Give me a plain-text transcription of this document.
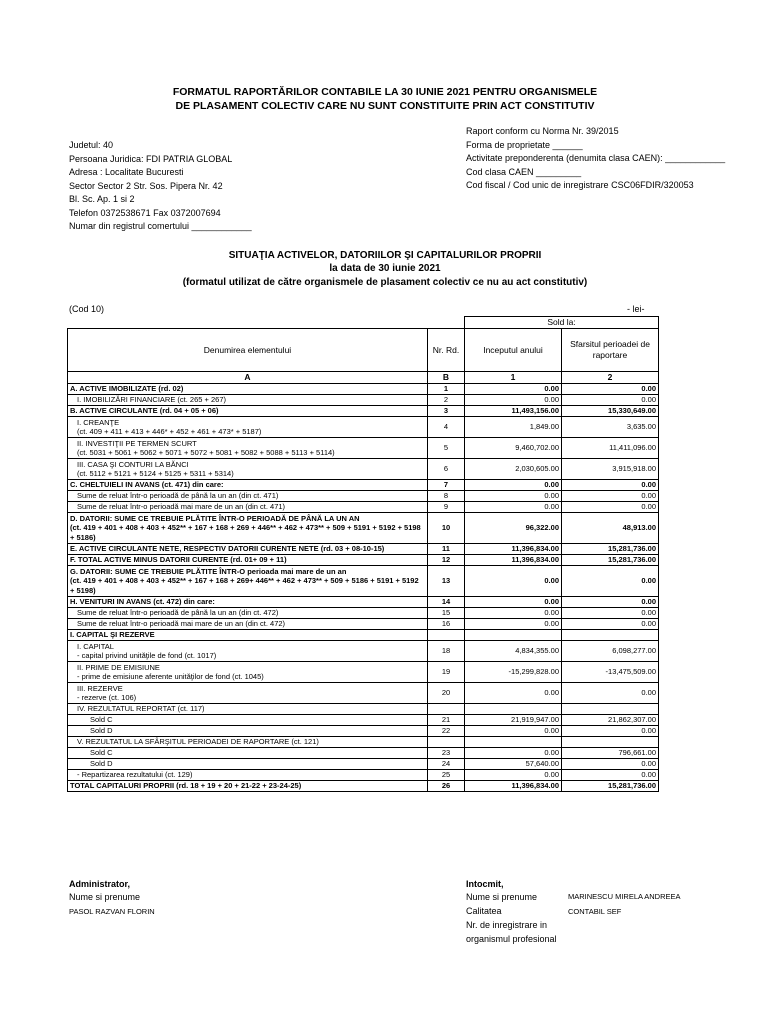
FORMATUL RAPORTĂRILOR CONTABILE LA 30 IUNIE 2021 PENTRU ORGANISMELE
DE PLASAMENT COLECTIV CARE NU SUNT CONSTITUITE PRIN ACT CONSTITUTIV
Judetul: 40
Persoana Juridica: FDI PATRIA GLOBAL
Adresa : Localitate Bucuresti
Sector Sector 2 Str. Sos. Pipera Nr. 42
Bl. Sc. Ap. 1 si 2
Telefon 0372538671 Fax 0372007694
Numar din registrul comertului ____________
Raport conform cu Norma Nr. 39/2015
Forma de proprietate ______
Activitate preponderenta (denumita clasa CAEN): ____________
Cod clasa CAEN _________
Cod fiscal / Cod unic de inregistrare CSC06FDIR/320053
SITUAŢIA ACTIVELOR, DATORIILOR ŞI CAPITALURILOR PROPRII
la data de 30 iunie 2021
(formatul utilizat de către organismele de plasament colectiv ce nu au act constitutiv)
(Cod 10)	- lei-
		Sold la:	
Denumirea elementului	Nr. Rd.	Inceputul anului	Sfarsitul perioadei de raportare
A	B	1	2
A. ACTIVE IMOBILIZATE (rd. 02)	1	0.00	0.00
I. IMOBILIZĂRI FINANCIARE (ct. 265 + 267)	2	0.00	0.00
B. ACTIVE CIRCULANTE (rd. 04 + 05 + 06)	3	11,493,156.00	15,330,649.00
I. CREANŢE
(ct. 409 + 411 + 413 + 446* + 452 + 461 + 473* + 5187)	4	1,849.00	3,635.00
II. INVESTIŢII PE TERMEN SCURT
(ct. 5031 + 5061 + 5062 + 5071 + 5072 + 5081 + 5082 + 5088 + 5113 + 5114)	5	9,460,702.00	11,411,096.00
III. CASA ŞI CONTURI LA BĂNCI
(ct. 5112 + 5121 + 5124 + 5125 + 5311 + 5314)	6	2,030,605.00	3,915,918.00
C. CHELTUIELI IN AVANS (ct. 471) din care:	7	0.00	0.00
Sume de reluat într-o perioadă de până la un an (din ct. 471)	8	0.00	0.00
Sume de reluat într-o perioadă mai mare de un an (din ct. 471)	9	0.00	0.00
D. DATORII: SUME CE TREBUIE PLĂTITE ÎNTR-O PERIOADĂ DE PÂNĂ LA UN AN
(ct. 419 + 401 + 408 + 403 + 452** + 167 + 168 + 269 + 446** + 462 + 473** + 509 + 5191 + 5192 + 5198 + 5186)	10	96,322.00	48,913.00
E. ACTIVE CIRCULANTE NETE, RESPECTIV DATORII CURENTE NETE (rd. 03 + 08-10-15)	11	11,396,834.00	15,281,736.00
F. TOTAL ACTIVE MINUS DATORII CURENTE (rd. 01+ 09 + 11)	12	11,396,834.00	15,281,736.00
G. DATORII: SUME CE TREBUIE PLĂTITE ÎNTR-O perioada mai mare de un an
(ct. 419 + 401 + 408 + 403 + 452** + 167 + 168 + 269+ 446** + 462 + 473** + 509 + 5186 + 5191 + 5192 + 5198)	13	0.00	0.00
H. VENITURI IN AVANS (ct. 472) din care:	14	0.00	0.00
Sume de reluat într-o perioadă de până la un an (din ct. 472)	15	0.00	0.00
Sume de reluat într-o perioadă mai mare de un an (din ct. 472)	16	0.00	0.00
I. CAPITAL ŞI REZERVE			
I. CAPITAL
- capital privind unităţile de fond (ct. 1017)	18	4,834,355.00	6,098,277.00
II. PRIME DE EMISIUNE
- prime de emisiune aferente unităţilor de fond (ct. 1045)	19	-15,299,828.00	-13,475,509.00
III. REZERVE
- rezerve (ct. 106)	20	0.00	0.00
IV. REZULTATUL REPORTAT (ct. 117)			
Sold C	21	21,919,947.00	21,862,307.00
Sold D	22	0.00	0.00
V. REZULTATUL LA SFÂRŞITUL PERIOADEI DE RAPORTARE (ct. 121)			
Sold C	23	0.00	796,661.00
Sold D	24	57,640.00	0.00
- Repartizarea rezultatului (ct. 129)	25	0.00	0.00
TOTAL CAPITALURI PROPRII (rd. 18 + 19 + 20 + 21-22 + 23-24-25)	26	11,396,834.00	15,281,736.00
Administrator,
Nume si prenume
PASOL RAZVAN FLORIN
Intocmit,
Nume si prenume
Calitatea
Nr. de inregistrare in
organismul profesional
MARINESCU MIRELA ANDREEA
CONTABIL SEF
